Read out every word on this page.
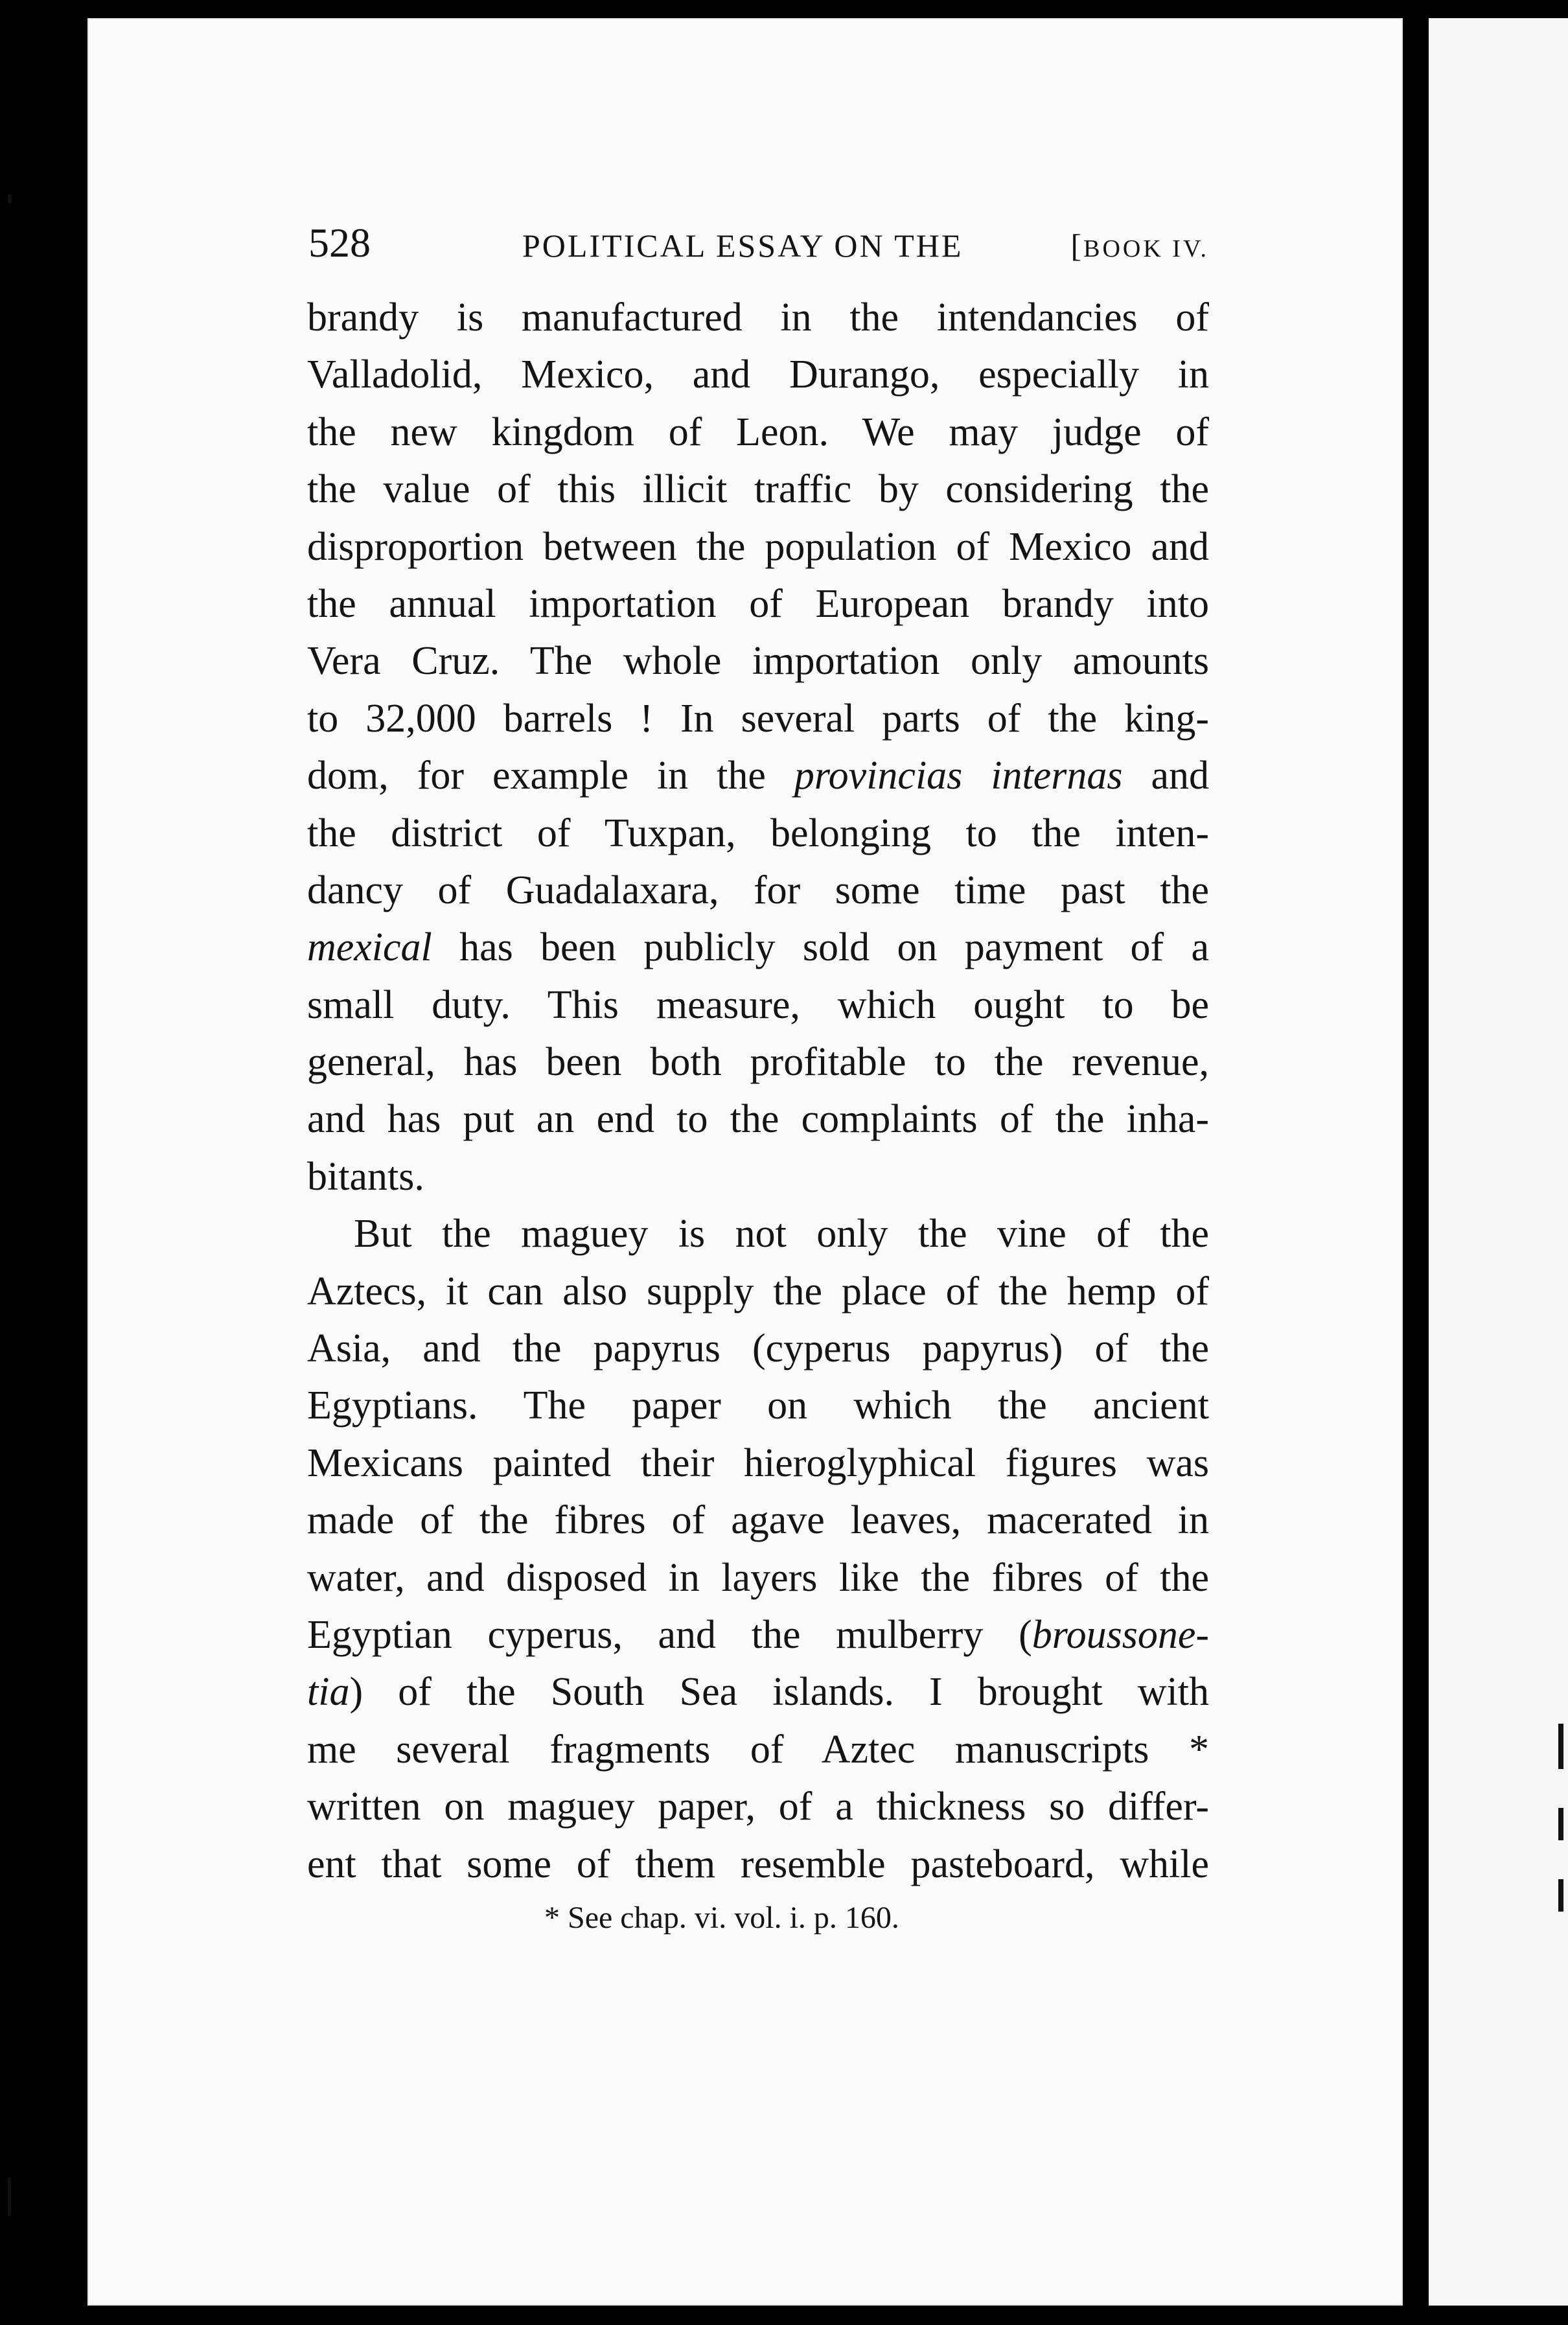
528	POLITICAL ESSAY ON THE	[BOOK IV.
brandy is manufactured in the intendancies of
Valladolid, Mexico, and Durango, especially in
the new kingdom of Leon. We may judge of
the value of this illicit traffic by considering the
disproportion between the population of Mexico and
the annual importation of European brandy into
Vera Cruz. The whole importation only amounts
to 32,000 barrels ! In several parts of the king-
dom, for example in the provincias internas and
the district of Tuxpan, belonging to the inten-
dancy of Guadalaxara, for some time past the
mexical has been publicly sold on payment of a
small duty. This measure, which ought to be
general, has been both profitable to the revenue,
and has put an end to the complaints of the inha-
bitants.
But the maguey is not only the vine of the
Aztecs, it can also supply the place of the hemp of
Asia, and the papyrus (cyperus papyrus) of the
Egyptians. The paper on which the ancient
Mexicans painted their hieroglyphical figures was
made of the fibres of agave leaves, macerated in
water, and disposed in layers like the fibres of the
Egyptian cyperus, and the mulberry (broussone-
tia) of the South Sea islands. I brought with
me several fragments of Aztec manuscripts *
written on maguey paper, of a thickness so differ-
ent that some of them resemble pasteboard, while
* See chap. vi. vol. i. p. 160.
